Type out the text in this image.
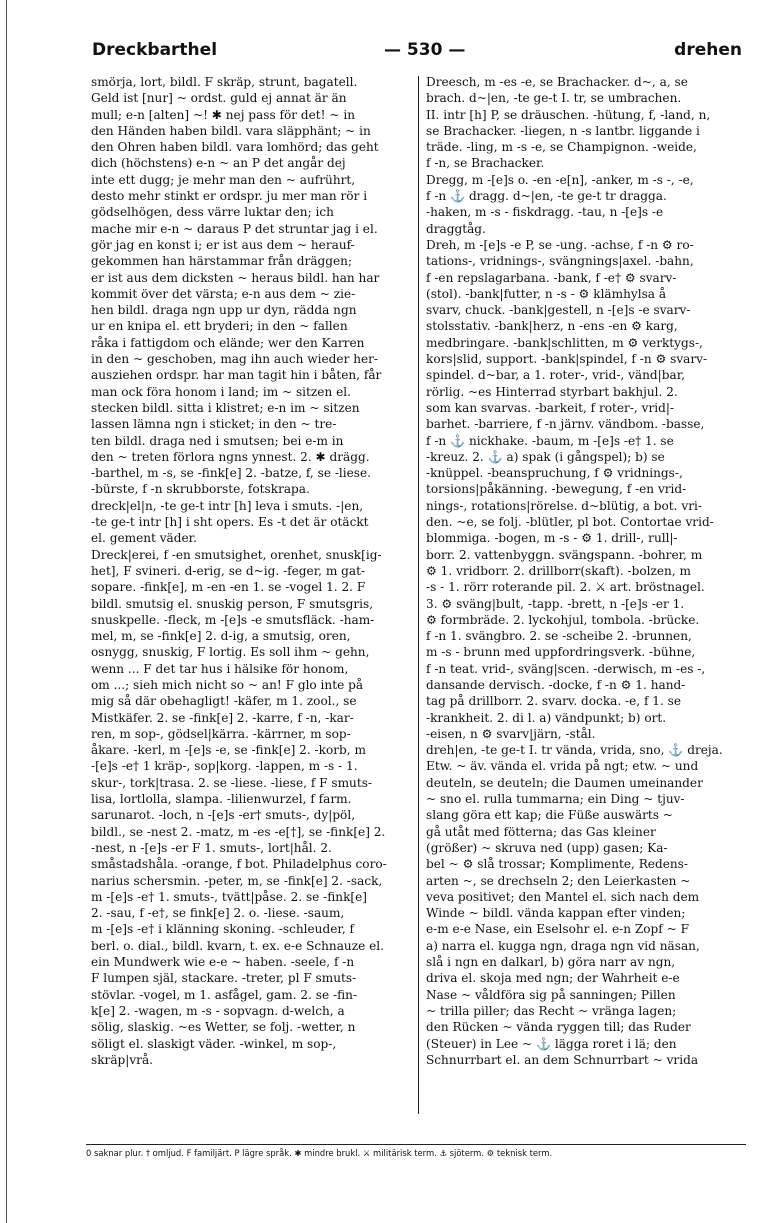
Dreckbarthel	— 530 —	drehen
smörja, lort, bildl. F skräp, strunt, bagatell.
Geld ist [nur] ~ ordst. guld ej annat är än
mull; e-n [alten] ~! ✱ nej pass för det! ~ in
den Händen haben bildl. vara släpphänt; ~ in
den Ohren haben bildl. vara lomhörd; das geht
dich (höchstens) e-n ~ an P det angår dej
inte ett dugg; je mehr man den ~ aufrührt,
desto mehr stinkt er ordspr. ju mer man rör i
gödselhögen, dess värre luktar den; ich
mache mir e-n ~ daraus P det struntar jag i el.
gör jag en konst i; er ist aus dem ~ herauf-
gekommen han härstammar från dräggen;
er ist aus dem dicksten ~ heraus bildl. han har
kommit över det värsta; e-n aus dem ~ zie-
hen bildl. draga ngn upp ur dyn, rädda ngn
ur en knipa el. ett bryderi; in den ~ fallen
råka i fattigdom och elände; wer den Karren
in den ~ geschoben, mag ihn auch wieder her-
ausziehen ordspr. har man tagit hin i båten, får
man ock föra honom i land; im ~ sitzen el.
stecken bildl. sitta i klistret; e-n im ~ sitzen
lassen lämna ngn i sticket; in den ~ tre-
ten bildl. draga ned i smutsen; bei e-m in
den ~ treten förlora ngns ynnest. 2. ✱ drägg.
-barthel, m -s, se -fink[e] 2. -batze, f, se -liese.
-bürste, f -n skrubborste, fotskrapa.
dreck|el|n, -te ge-t intr [h] leva i smuts. -|en,
-te ge-t intr [h] i sht opers. Es -t det är otäckt
el. gement väder.
Dreck|erei, f -en smutsighet, orenhet, snusk[ig-
het], F svineri. d-erig, se d~ig. -feger, m gat-
sopare. -fink[e], m -en -en 1. se -vogel 1. 2. F
bildl. smutsig el. snuskig person, F smutsgris,
snuskpelle. -fleck, m -[e]s -e smutsfläck. -ham-
mel, m, se -fink[e] 2. d-ig, a smutsig, oren,
osnygg, snuskig, F lortig. Es soll ihm ~ gehn,
wenn ... F det tar hus i hälsike för honom,
om ...; sieh mich nicht so ~ an! F glo inte på
mig så där obehagligt! -käfer, m 1. zool., se
Mistkäfer. 2. se -fink[e] 2. -karre, f -n, -kar-
ren, m sop-, gödsel|kärra. -kärrner, m sop-
åkare. -kerl, m -[e]s -e, se -fink[e] 2. -korb, m
-[e]s -e† 1 kräp-, sop|korg. -lappen, m -s - 1.
skur-, tork|trasa. 2. se -liese. -liese, f F smuts-
lisa, lortlolla, slampa. -lilienwurzel, f farm.
sarunarot. -loch, n -[e]s -er† smuts-, dy|pöl,
bildl., se -nest 2. -matz, m -es -e[†], se -fink[e] 2.
-nest, n -[e]s -er F 1. smuts-, lort|hål. 2.
småstadshåla. -orange, f bot. Philadelphus coro-
narius schersmin. -peter, m, se -fink[e] 2. -sack,
m -[e]s -e† 1. smuts-, tvätt|påse. 2. se -fink[e]
2. -sau, f -e†, se fink[e] 2. o. -liese. -saum,
m -[e]s -e† i klänning skoning. -schleuder, f
berl. o. dial., bildl. kvarn, t. ex. e-e Schnauze el.
ein Mundwerk wie e-e ~ haben. -seele, f -n
F lumpen själ, stackare. -treter, pl F smuts-
stövlar. -vogel, m 1. asfågel, gam. 2. se -fin-
k[e] 2. -wagen, m -s - sopvagn. d-welch, a
sölig, slaskig. ~es Wetter, se folj. -wetter, n
söligt el. slaskigt väder. -winkel, m sop-,
skräp|vrå.
Dreesch, m -es -e, se Brachacker. d~, a, se
brach. d~|en, -te ge-t I. tr, se umbrachen.
II. intr [h] P, se dräuschen. -hütung, f, -land, n,
se Brachacker. -liegen, n -s lantbr. liggande i
träde. -ling, m -s -e, se Champignon. -weide,
f -n, se Brachacker.
Dregg, m -[e]s o. -en -e[n], -anker, m -s -, -e,
f -n ⚓ dragg. d~|en, -te ge-t tr dragga.
-haken, m -s - fiskdragg. -tau, n -[e]s -e
draggtåg.
Dreh, m -[e]s -e P, se -ung. -achse, f -n ⚙ ro-
tations-, vridnings-, svängnings|axel. -bahn,
f -en repslagarbana. -bank, f -e† ⚙ svarv-
(stol). -bank|futter, n -s - ⚙ klämhylsa å
svarv, chuck. -bank|gestell, n -[e]s -e svarv-
stolsstativ. -bank|herz, n -ens -en ⚙ karg,
medbringare. -bank|schlitten, m ⚙ verktygs-,
kors|slid, support. -bank|spindel, f -n ⚙ svarv-
spindel. d~bar, a 1. roter-, vrid-, vänd|bar,
rörlig. ~es Hinterrad styrbart bakhjul. 2.
som kan svarvas. -barkeit, f roter-, vrid|-
barhet. -barriere, f -n järnv. vändbom. -basse,
f -n ⚓ nickhake. -baum, m -[e]s -e† 1. se
-kreuz. 2. ⚓ a) spak (i gångspel); b) se
-knüppel. -beanspruchung, f ⚙ vridnings-,
torsions|påkänning. -bewegung, f -en vrid-
nings-, rotations|rörelse. d~blütig, a bot. vri-
den. ~e, se folj. -blütler, pl bot. Contortae vrid-
blommiga. -bogen, m -s - ⚙ 1. drill-, rull|-
borr. 2. vattenbyggn. svängspann. -bohrer, m
⚙ 1. vridborr. 2. drillborr(skaft). -bolzen, m
-s - 1. rörr roterande pil. 2. ⚔ art. bröstnagel.
3. ⚙ sväng|bult, -tapp. -brett, n -[e]s -er 1.
⚙ formbräde. 2. lyckohjul, tombola. -brücke.
f -n 1. svängbro. 2. se -scheibe 2. -brunnen,
m -s - brunn med uppfordringsverk. -bühne,
f -n teat. vrid-, sväng|scen. -derwisch, m -es -,
dansande dervisch. -docke, f -n ⚙ 1. hand-
tag på drillborr. 2. svarv. docka. -e, f 1. se
-krankheit. 2. di l. a) vändpunkt; b) ort.
-eisen, n ⚙ svarv|järn, -stål.
dreh|en, -te ge-t I. tr vända, vrida, sno, ⚓ dreja.
Etw. ~ äv. vända el. vrida på ngt; etw. ~ und
deuteln, se deuteln; die Daumen umeinander
~ sno el. rulla tummarna; ein Ding ~ tjuv-
slang göra ett kap; die Füße auswärts ~
gå utåt med fötterna; das Gas kleiner
(größer) ~ skruva ned (upp) gasen; Ka-
bel ~ ⚙ slå trossar; Komplimente, Redens-
arten ~, se drechseln 2; den Leierkasten ~
veva positivet; den Mantel el. sich nach dem
Winde ~ bildl. vända kappan efter vinden;
e-m e-e Nase, ein Eselsohr el. e-n Zopf ~ F
a) narra el. kugga ngn, draga ngn vid näsan,
slå i ngn en dalkarl, b) göra narr av ngn,
driva el. skoja med ngn; der Wahrheit e-e
Nase ~ våldföra sig på sanningen; Pillen
~ trilla piller; das Recht ~ vränga lagen;
den Rücken ~ vända ryggen till; das Ruder
(Steuer) in Lee ~ ⚓ lägga roret i lä; den
Schnurrbart el. an dem Schnurrbart ~ vrida
0 saknar plur. † omljud. F familjärt. P lägre språk. ✱ mindre brukl. ⚔ militärisk term. ⚓ sjöterm. ⚙ teknisk term.
